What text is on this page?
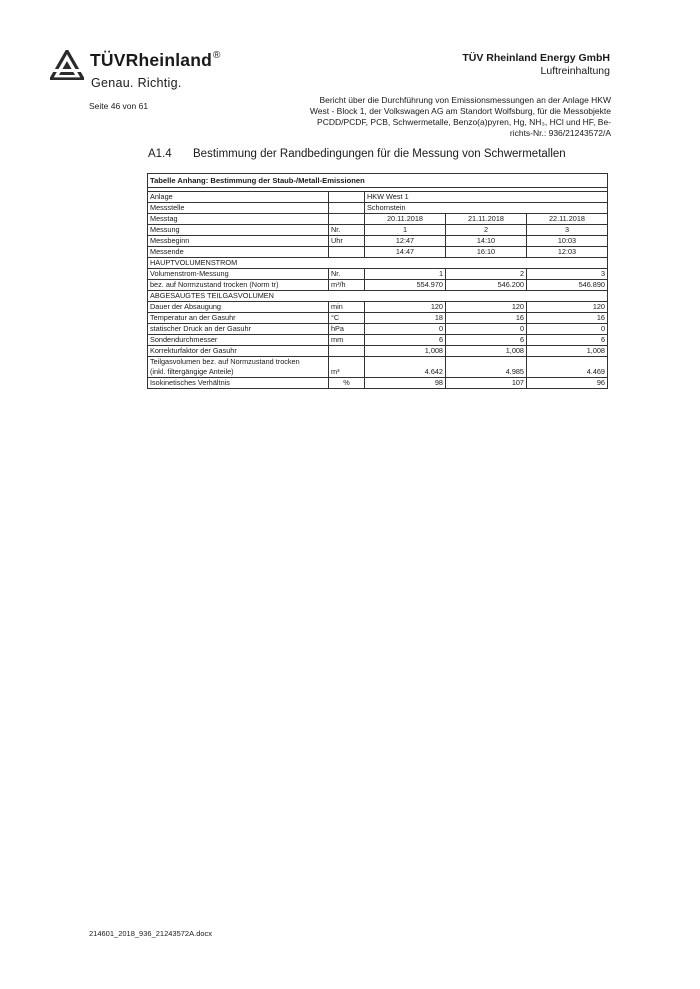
TÜVRheinland®
Genau. Richtig.
TÜV Rheinland Energy GmbH
Luftreinhaltung
Seite 46 von 61
Bericht über die Durchführung von Emissionsmessungen an der Anlage HKW
West - Block 1, der Volkswagen AG am Standort Wolfsburg, für die Messobjekte
PCDD/PCDF, PCB, Schwermetalle, Benzo(a)pyren, Hg, NH₃, HCl und HF, Be-
richts-Nr.: 936/21243572/A
A1.4 Bestimmung der Randbedingungen für die Messung von Schwermetallen
Tabelle Anhang: Bestimmung der Staub-/Metall-Emissionen				

Anlage		HKW West 1		
Messstelle		Schornstein		
Messtag		20.11.2018	21.11.2018	22.11.2018
Messung	Nr.	1	2	3
Messbeginn	Uhr	12:47	14:10	10:03
Messende		14:47	16:10	12:03
HAUPTVOLUMENSTROM				
Volumenstrom-Messung	Nr.	1	2	3
bez. auf Normzustand trocken (Norm tr)	m³/h	554.970	546.200	546.890
ABGESAUGTES TEILGASVOLUMEN				
Dauer der Absaugung	min	120	120	120
Temperatur an der Gasuhr	°C	18	16	16
statischer Druck an der Gasuhr	hPa	0	0	0
Sondendurchmesser	mm	6	6	6
Korrekturfaktor der Gasuhr		1,008	1,008	1,008
Teilgasvolumen bez. auf Normzustand trocken
(inkl. filtergängige Anteile)	m³	4.642	4.985	4.469
Isokinetisches Verhältnis	%	98	107	96
214601_2018_936_21243572A.docx
